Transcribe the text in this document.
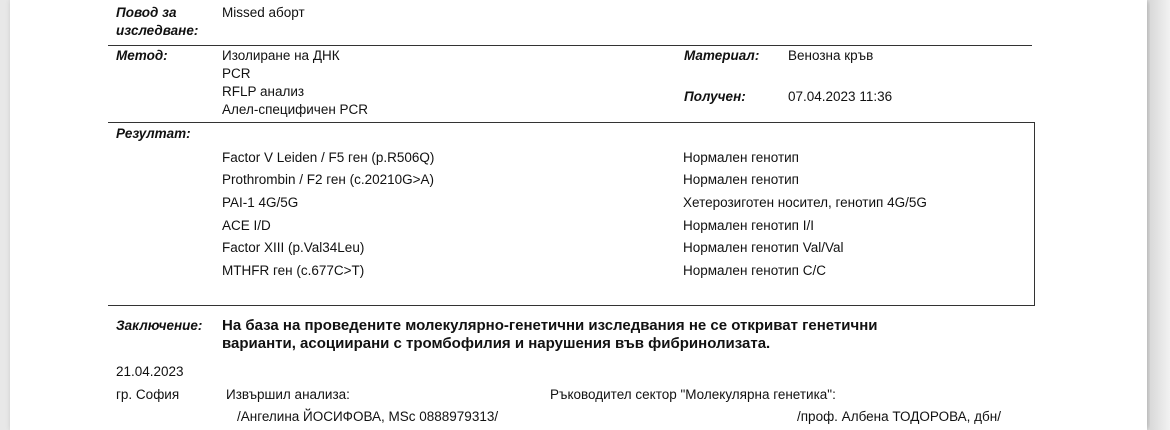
Повод за
изследване:
Missed аборт
Метод:	Изолиране на ДНК
PCR
RFLP анализ
Алел-специфичен PCR
Материал: Венозна кръв
Получен:	07.04.2023 11:36
Резултат:
Factor V Leiden / F5 ген (p.R506Q)	Нормален генотип
Prothrombin / F2 ген (c.20210G>A)	Нормален генотип
PAI-1 4G/5G	Хетерозиготен носител, генотип 4G/5G
ACE I/D	Нормален генотип I/I
Factor XIII (p.Val34Leu)	Нормален генотип Val/Val
MTHFR ген (c.677C>T)	Нормален генотип C/C
Заключение: На база на проведените молекулярно-генетични изследвания не се откриват генетични
варианти, асоциирани с тромбофилия и нарушения във фибринолизата.
21.04.2023
гр. София	Извършил анализа:
/Ангелина ЙОСИФОВА, MSc 0888979313/
Ръководител сектор "Молекулярна генетика":
/проф. Албена ТОДОРОВА, дбн/
